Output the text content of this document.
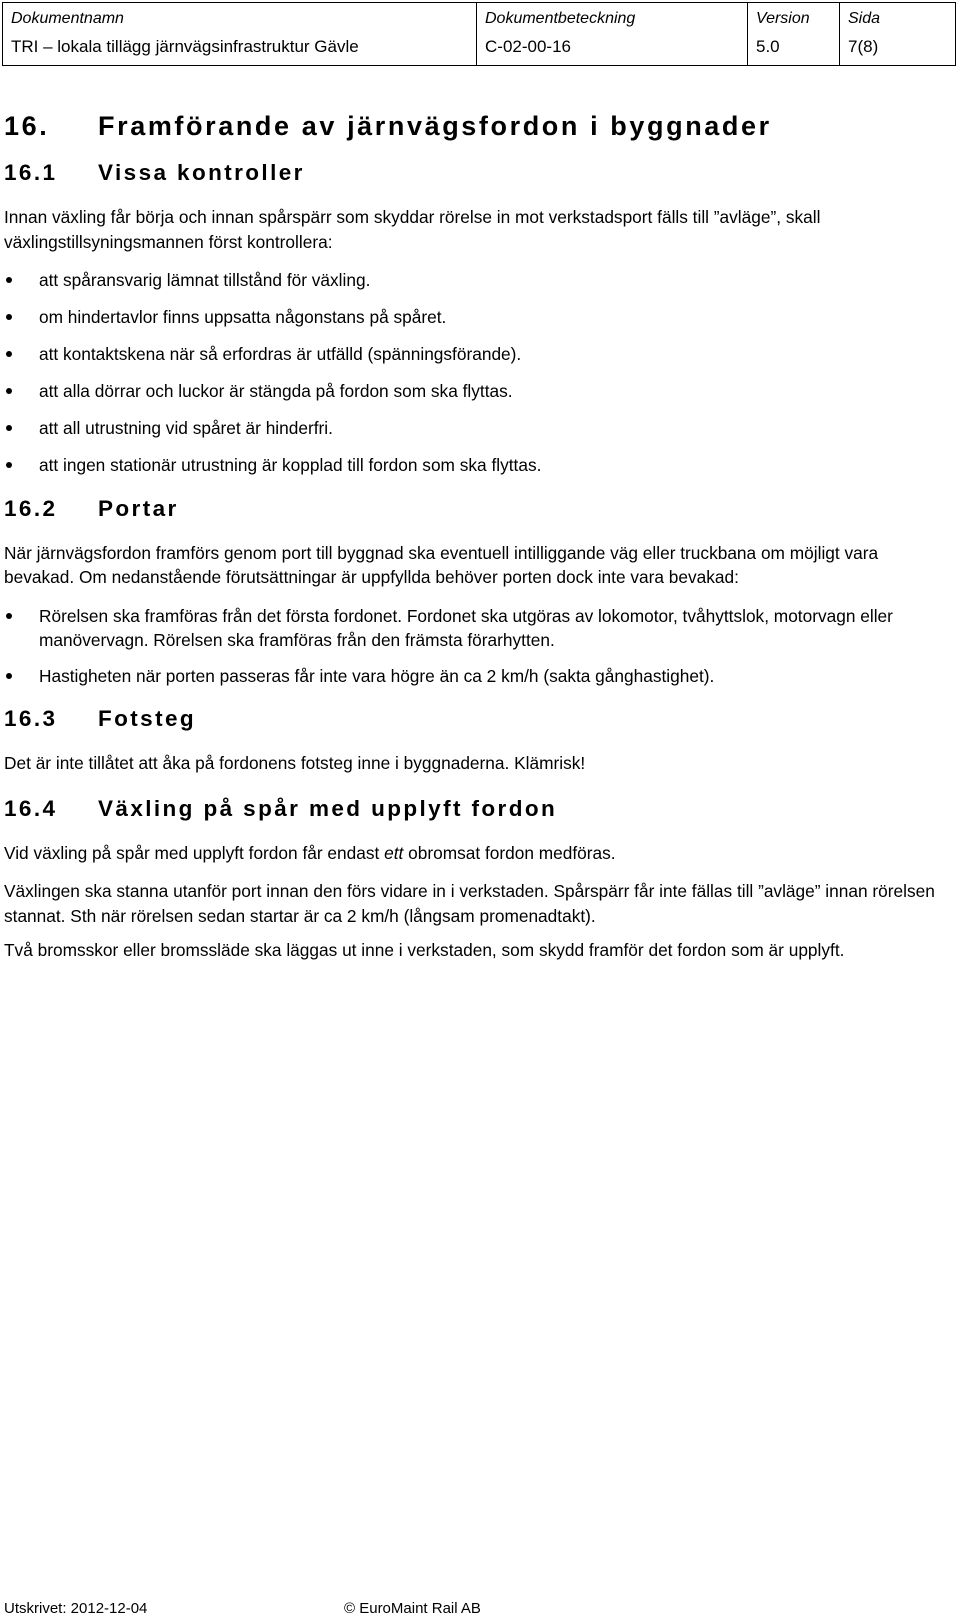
Dokumentnamn
TRI – lokala tillägg järnvägsinfrastruktur Gävle
Dokumentbeteckning
C-02-00-16
Version
5.0
Sida
7(8)
16. Framförande av järnvägsfordon i byggnader
16.1 Vissa kontroller

Innan växling får börja och innan spårspärr som skyddar rörelse in mot verkstadsport fälls till ”avläge”, skall växlingstillsyningsmannen först kontrollera:

att spåransvarig lämnat tillstånd för växling.
om hindertavlor finns uppsatta någonstans på spåret.
att kontaktskena när så erfordras är utfälld (spänningsförande).
att alla dörrar och luckor är stängda på fordon som ska flyttas.
att all utrustning vid spåret är hinderfri.
att ingen stationär utrustning är kopplad till fordon som ska flyttas.
16.2 Portar

När järnvägsfordon framförs genom port till byggnad ska eventuell intilliggande väg eller truckbana om möjligt vara bevakad. Om nedanstående förutsättningar är uppfyllda behöver porten dock inte vara bevakad:

Rörelsen ska framföras från det första fordonet. Fordonet ska utgöras av lokomotor, tvåhyttslok, motorvagn eller manövervagn. Rörelsen ska framföras från den främsta förarhytten.
Hastigheten när porten passeras får inte vara högre än ca 2 km/h (sakta gånghastighet).
16.3 Fotsteg

Det är inte tillåtet att åka på fordonens fotsteg inne i byggnaderna. Klämrisk!

16.4 Växling på spår med upplyft fordon

Vid växling på spår med upplyft fordon får endast ett obromsat fordon medföras.

Växlingen ska stanna utanför port innan den förs vidare in i verkstaden. Spårspärr får inte fällas till ”avläge” innan rörelsen stannat. Sth när rörelsen sedan startar är ca 2 km/h (långsam promenadtakt).

Två bromsskor eller bromssläde ska läggas ut inne i verkstaden, som skydd framför det fordon som är upplyft.

Utskrivet: 2012-12-04	© EuroMaint Rail AB
